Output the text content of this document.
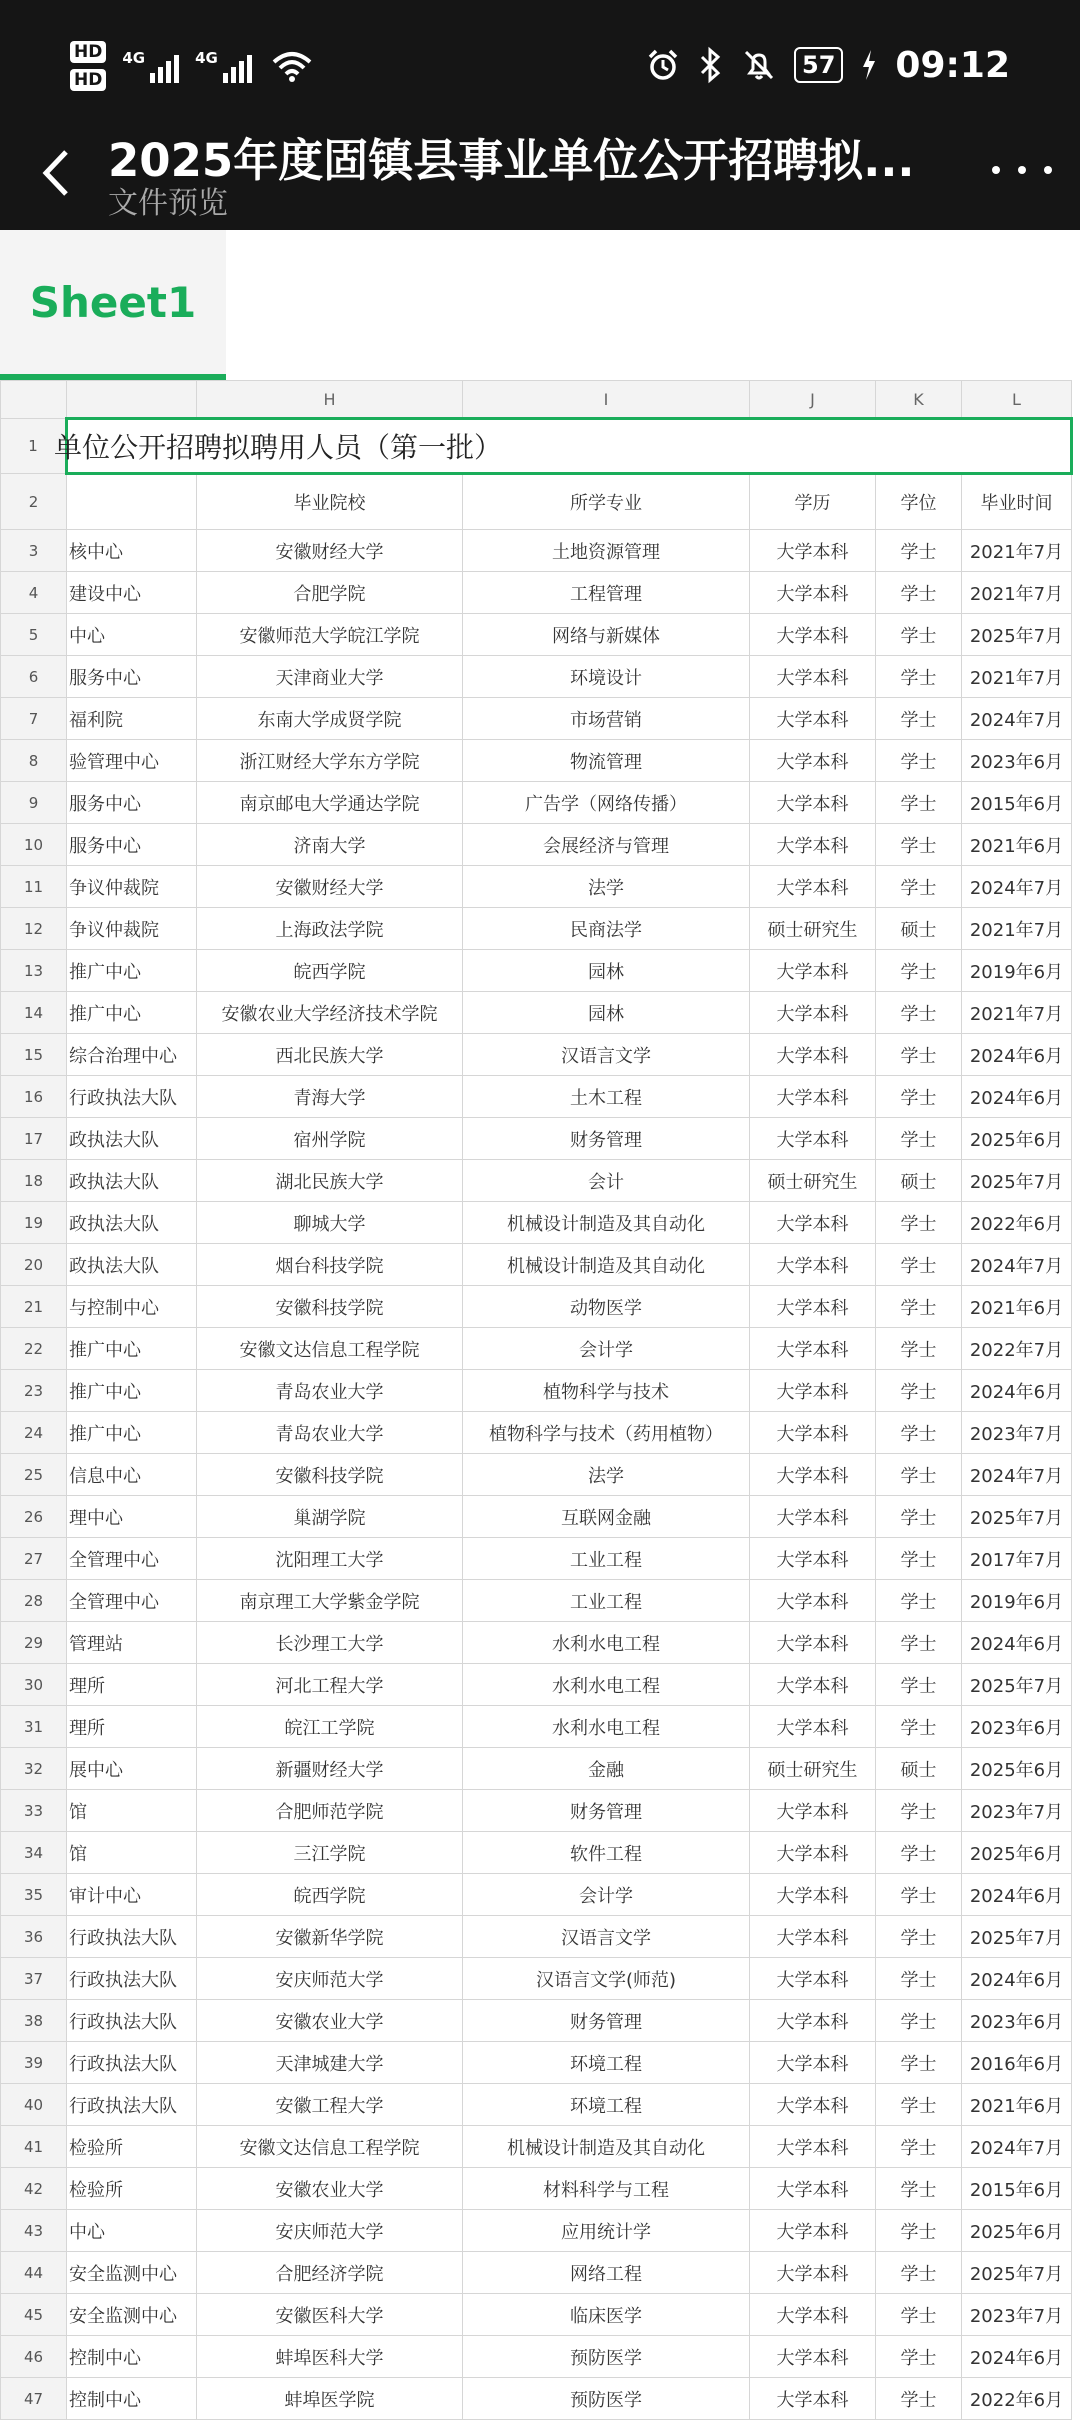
HD
HD
4G	4G	57 09:12
2025年度固镇县事业单位公开招聘拟...
文件预览
Sheet1
		H	I	J	K	L
1	单位公开招聘拟聘用人员（第一批）					
2		毕业院校	所学专业	学历	学位	毕业时间
3	核中心	安徽财经大学	土地资源管理	大学本科	学士	2021年7月
4	建设中心	合肥学院	工程管理	大学本科	学士	2021年7月
5	中心	安徽师范大学皖江学院	网络与新媒体	大学本科	学士	2025年7月
6	服务中心	天津商业大学	环境设计	大学本科	学士	2021年7月
7	福利院	东南大学成贤学院	市场营销	大学本科	学士	2024年7月
8	验管理中心	浙江财经大学东方学院	物流管理	大学本科	学士	2023年6月
9	服务中心	南京邮电大学通达学院	广告学（网络传播）	大学本科	学士	2015年6月
10	服务中心	济南大学	会展经济与管理	大学本科	学士	2021年6月
11	争议仲裁院	安徽财经大学	法学	大学本科	学士	2024年7月
12	争议仲裁院	上海政法学院	民商法学	硕士研究生	硕士	2021年7月
13	推广中心	皖西学院	园林	大学本科	学士	2019年6月
14	推广中心	安徽农业大学经济技术学院	园林	大学本科	学士	2021年7月
15	综合治理中心	西北民族大学	汉语言文学	大学本科	学士	2024年6月
16	行政执法大队	青海大学	土木工程	大学本科	学士	2024年6月
17	政执法大队	宿州学院	财务管理	大学本科	学士	2025年6月
18	政执法大队	湖北民族大学	会计	硕士研究生	硕士	2025年7月
19	政执法大队	聊城大学	机械设计制造及其自动化	大学本科	学士	2022年6月
20	政执法大队	烟台科技学院	机械设计制造及其自动化	大学本科	学士	2024年7月
21	与控制中心	安徽科技学院	动物医学	大学本科	学士	2021年6月
22	推广中心	安徽文达信息工程学院	会计学	大学本科	学士	2022年7月
23	推广中心	青岛农业大学	植物科学与技术	大学本科	学士	2024年6月
24	推广中心	青岛农业大学	植物科学与技术（药用植物）	大学本科	学士	2023年7月
25	信息中心	安徽科技学院	法学	大学本科	学士	2024年7月
26	理中心	巢湖学院	互联网金融	大学本科	学士	2025年7月
27	全管理中心	沈阳理工大学	工业工程	大学本科	学士	2017年7月
28	全管理中心	南京理工大学紫金学院	工业工程	大学本科	学士	2019年6月
29	管理站	长沙理工大学	水利水电工程	大学本科	学士	2024年6月
30	理所	河北工程大学	水利水电工程	大学本科	学士	2025年7月
31	理所	皖江工学院	水利水电工程	大学本科	学士	2023年6月
32	展中心	新疆财经大学	金融	硕士研究生	硕士	2025年6月
33	馆	合肥师范学院	财务管理	大学本科	学士	2023年7月
34	馆	三江学院	软件工程	大学本科	学士	2025年6月
35	审计中心	皖西学院	会计学	大学本科	学士	2024年6月
36	行政执法大队	安徽新华学院	汉语言文学	大学本科	学士	2025年7月
37	行政执法大队	安庆师范大学	汉语言文学(师范)	大学本科	学士	2024年6月
38	行政执法大队	安徽农业大学	财务管理	大学本科	学士	2023年6月
39	行政执法大队	天津城建大学	环境工程	大学本科	学士	2016年6月
40	行政执法大队	安徽工程大学	环境工程	大学本科	学士	2021年6月
41	检验所	安徽文达信息工程学院	机械设计制造及其自动化	大学本科	学士	2024年7月
42	检验所	安徽农业大学	材料科学与工程	大学本科	学士	2015年6月
43	中心	安庆师范大学	应用统计学	大学本科	学士	2025年6月
44	安全监测中心	合肥经济学院	网络工程	大学本科	学士	2025年7月
45	安全监测中心	安徽医科大学	临床医学	大学本科	学士	2023年7月
46	控制中心	蚌埠医科大学	预防医学	大学本科	学士	2024年6月
47	控制中心	蚌埠医学院	预防医学	大学本科	学士	2022年6月
